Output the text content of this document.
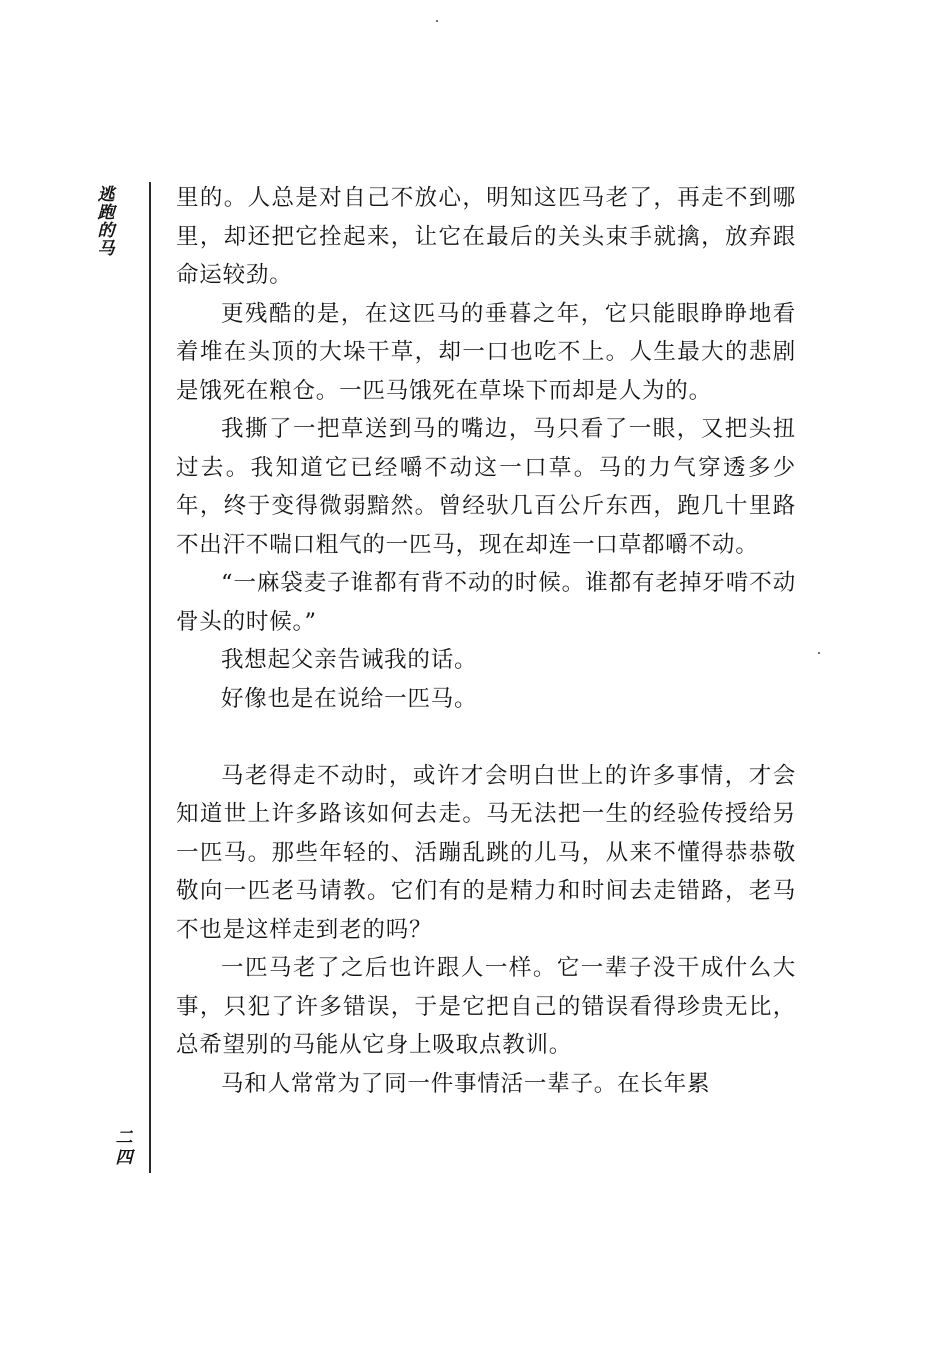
逃跑的马
二四

里的。人总是对自己不放心，明知这匹马老了，再走不到哪里，却还把它拴起来，让它在最后的关头束手就擒，放弃跟命运较劲。

更残酷的是，在这匹马的垂暮之年，它只能眼睁睁地看着堆在头顶的大垛干草，却一口也吃不上。人生最大的悲剧是饿死在粮仓。一匹马饿死在草垛下而却是人为的。

我撕了一把草送到马的嘴边，马只看了一眼，又把头扭过去。我知道它已经嚼不动这一口草。马的力气穿透多少年，终于变得微弱黯然。曾经驮几百公斤东西，跑几十里路不出汗不喘口粗气的一匹马，现在却连一口草都嚼不动。

“一麻袋麦子谁都有背不动的时候。谁都有老掉牙啃不动骨头的时候。”

我想起父亲告诫我的话。

好像也是在说给一匹马。

马老得走不动时，或许才会明白世上的许多事情，才会知道世上许多路该如何去走。马无法把一生的经验传授给另一匹马。那些年轻的、活蹦乱跳的儿马，从来不懂得恭恭敬敬向一匹老马请教。它们有的是精力和时间去走错路，老马不也是这样走到老的吗？

一匹马老了之后也许跟人一样。它一辈子没干成什么大事，只犯了许多错误，于是它把自己的错误看得珍贵无比，总希望别的马能从它身上吸取点教训。

马和人常常为了同一件事情活一辈子。在长年累
